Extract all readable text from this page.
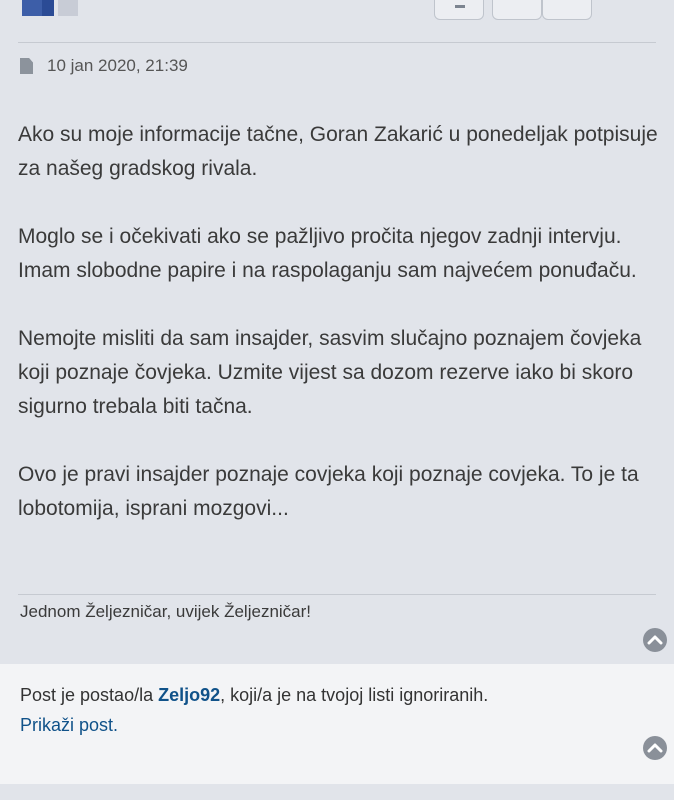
10 jan 2020, 21:39

Ako su moje informacije tačne, Goran Zakarić u ponedeljak potpisuje za našeg gradskog rivala.

Moglo se i očekivati ako se pažljivo pročita njegov zadnji intervju. Imam slobodne papire i na raspolaganju sam najvećem ponuđaču.

Nemojte misliti da sam insajder, sasvim slučajno poznajem čovjeka koji poznaje čovjeka. Uzmite vijest sa dozom rezerve iako bi skoro sigurno trebala biti tačna.

Ovo je pravi insajder poznaje covjeka koji poznaje covjeka. To je ta lobotomija, isprani mozgovi...

Jednom Željezničar, uvijek Željezničar!
Post je postao/la Zeljo92, koji/a je na tvojoj listi ignoriranih.
Prikaži post.
